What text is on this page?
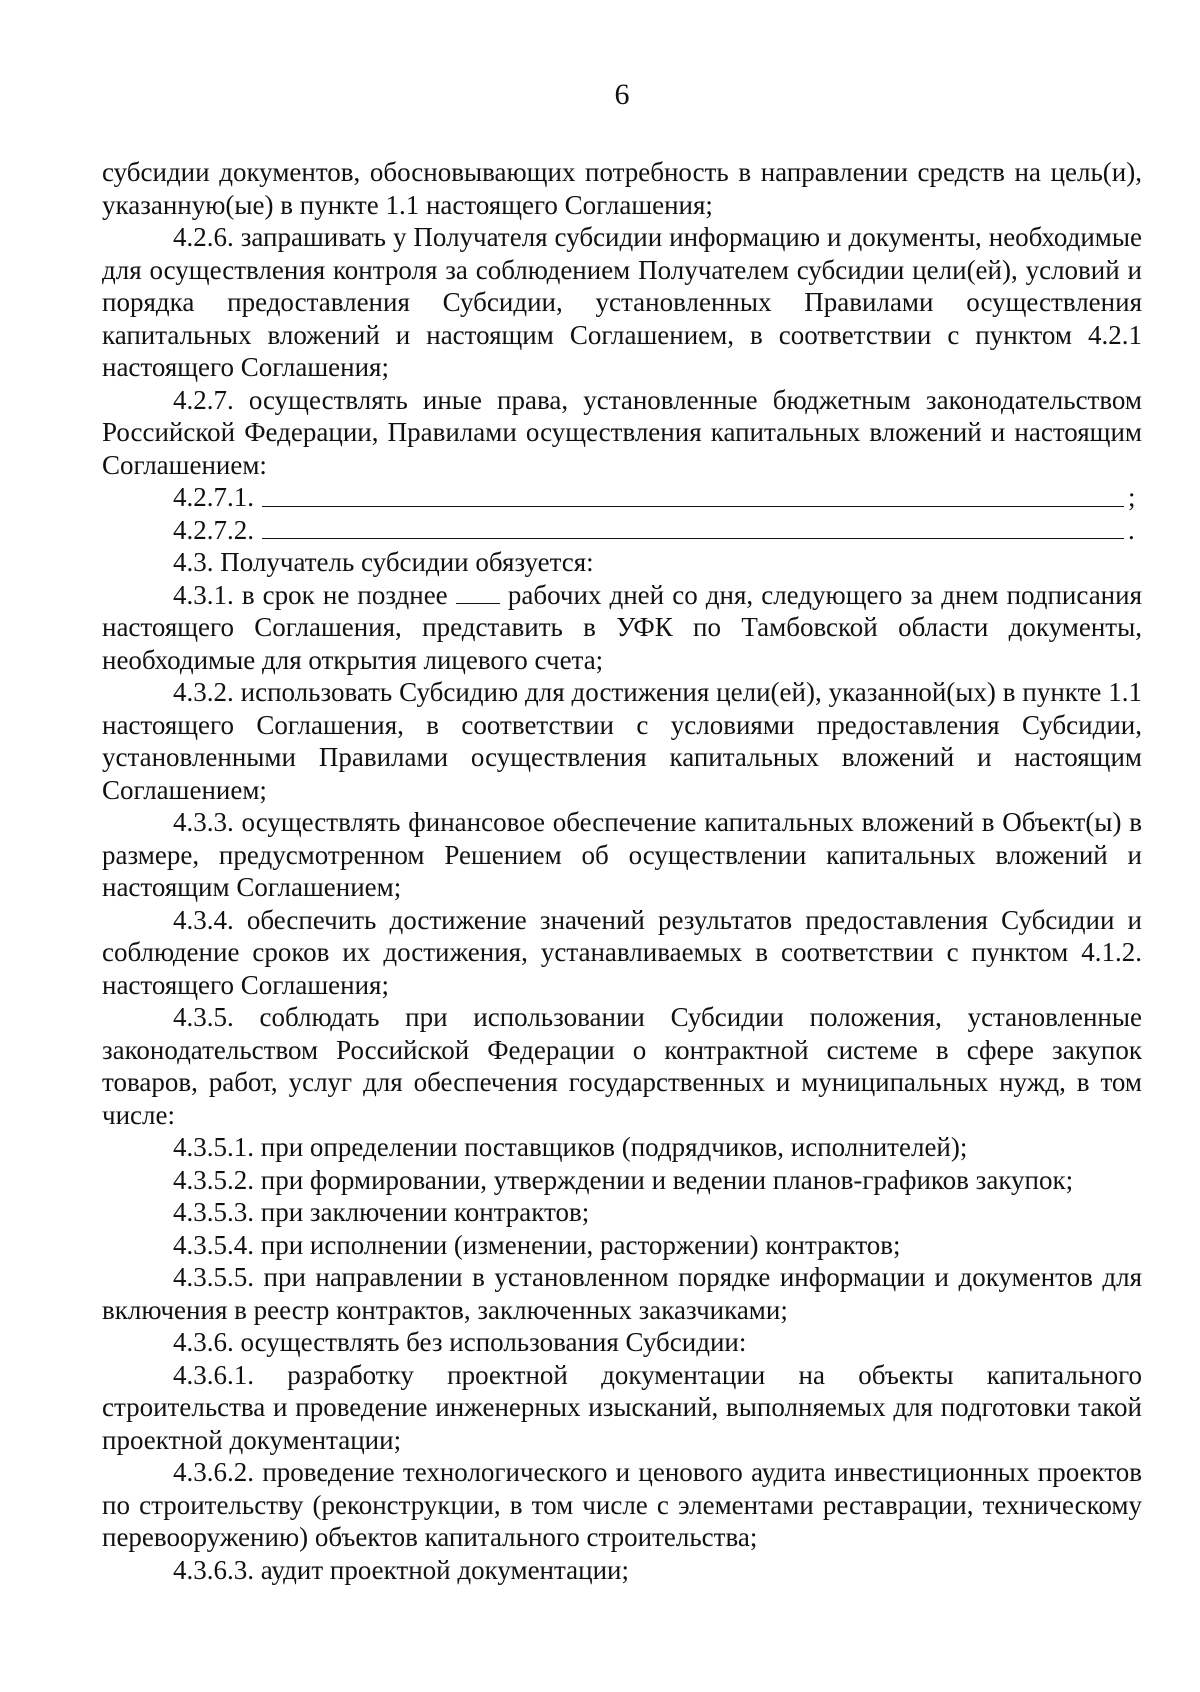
6

субсидии документов, обосновывающих потребность в направлении средств на цель(и), указанную(ые) в пункте 1.1 настоящего Соглашения;

4.2.6. запрашивать у Получателя субсидии информацию и документы, необходимые для осуществления контроля за соблюдением Получателем субсидии цели(ей), условий и порядка предоставления Субсидии, установленных Правилами осуществления капитальных вложений и настоящим Соглашением, в соответствии с пунктом 4.2.1 настоящего Соглашения;

4.2.7. осуществлять иные права, установленные бюджетным законодательством Российской Федерации, Правилами осуществления капитальных вложений и настоящим Соглашением:

4.2.7.1.	;
4.2.7.2.	.

4.3. Получатель субсидии обязуется:

4.3.1. в срок не позднее рабочих дней со дня, следующего за днем подписания настоящего Соглашения, представить в УФК по Тамбовской области документы, необходимые для открытия лицевого счета;

4.3.2. использовать Субсидию для достижения цели(ей), указанной(ых) в пункте 1.1 настоящего Соглашения, в соответствии с условиями предоставления Субсидии, установленными Правилами осуществления капитальных вложений и настоящим Соглашением;

4.3.3. осуществлять финансовое обеспечение капитальных вложений в Объект(ы) в размере, предусмотренном Решением об осуществлении капитальных вложений и настоящим Соглашением;

4.3.4. обеспечить достижение значений результатов предоставления Субсидии и соблюдение сроков их достижения, устанавливаемых в соответствии с пунктом 4.1.2. настоящего Соглашения;

4.3.5. соблюдать при использовании Субсидии положения, установленные законодательством Российской Федерации о контрактной системе в сфере закупок товаров, работ, услуг для обеспечения государственных и муниципальных нужд, в том числе:

4.3.5.1. при определении поставщиков (подрядчиков, исполнителей);

4.3.5.2. при формировании, утверждении и ведении планов-графиков закупок;

4.3.5.3. при заключении контрактов;

4.3.5.4. при исполнении (изменении, расторжении) контрактов;

4.3.5.5. при направлении в установленном порядке информации и документов для включения в реестр контрактов, заключенных заказчиками;

4.3.6. осуществлять без использования Субсидии:

4.3.6.1. разработку проектной документации на объекты капитального строительства и проведение инженерных изысканий, выполняемых для подготовки такой проектной документации;

4.3.6.2. проведение технологического и ценового аудита инвестиционных проектов по строительству (реконструкции, в том числе с элементами реставрации, техническому перевооружению) объектов капитального строительства;

4.3.6.3. аудит проектной документации;
